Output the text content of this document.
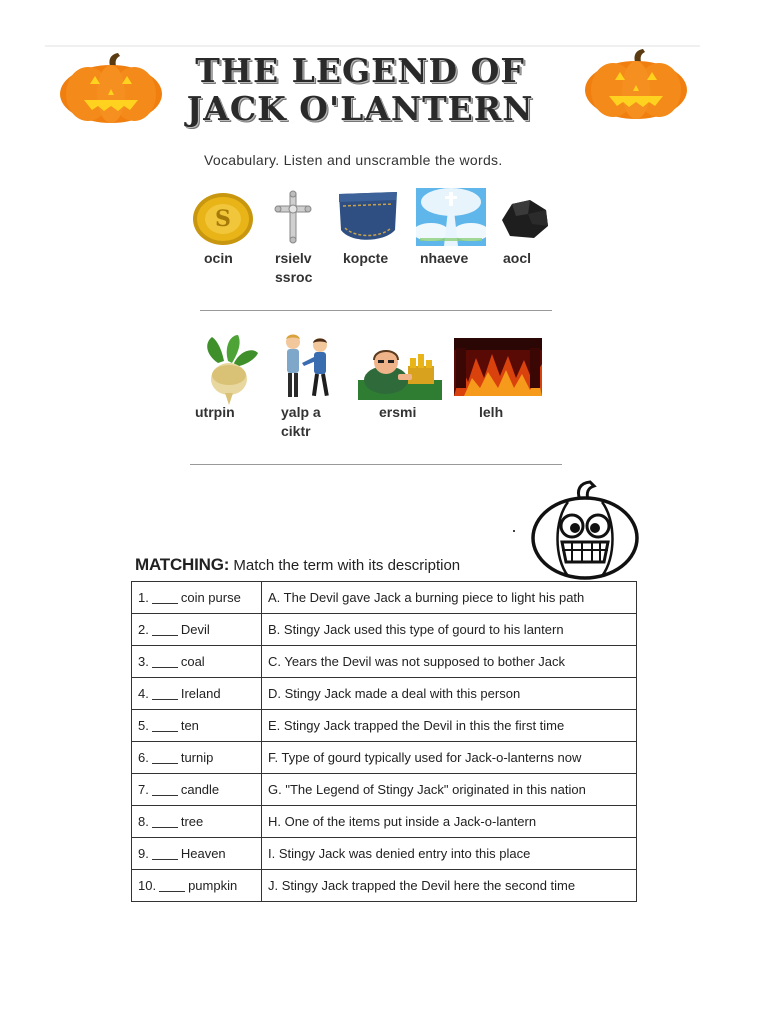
THE LEGEND OF
JACK O'LANTERN
Vocabulary. Listen and unscramble the words.
S
ocin	rsielv
ssroc
kopcte nhaeve aocl
utrpin	yalp a
ciktr
ersmi	lelh
MATCHING: Match the term with its description
1. coin purse	A. The Devil gave Jack a burning piece to light his path
2. Devil	B. Stingy Jack used this type of gourd to his lantern
3. coal	C. Years the Devil was not supposed to bother Jack
4. Ireland	D. Stingy Jack made a deal with this person
5. ten	E. Stingy Jack trapped the Devil in this the first time
6. turnip	F. Type of gourd typically used for Jack-o-lanterns now
7. candle	G. "The Legend of Stingy Jack" originated in this nation
8. tree	H. One of the items put inside a Jack-o-lantern
9. Heaven	I. Stingy Jack was denied entry into this place
10. pumpkin	J. Stingy Jack trapped the Devil here the second time
